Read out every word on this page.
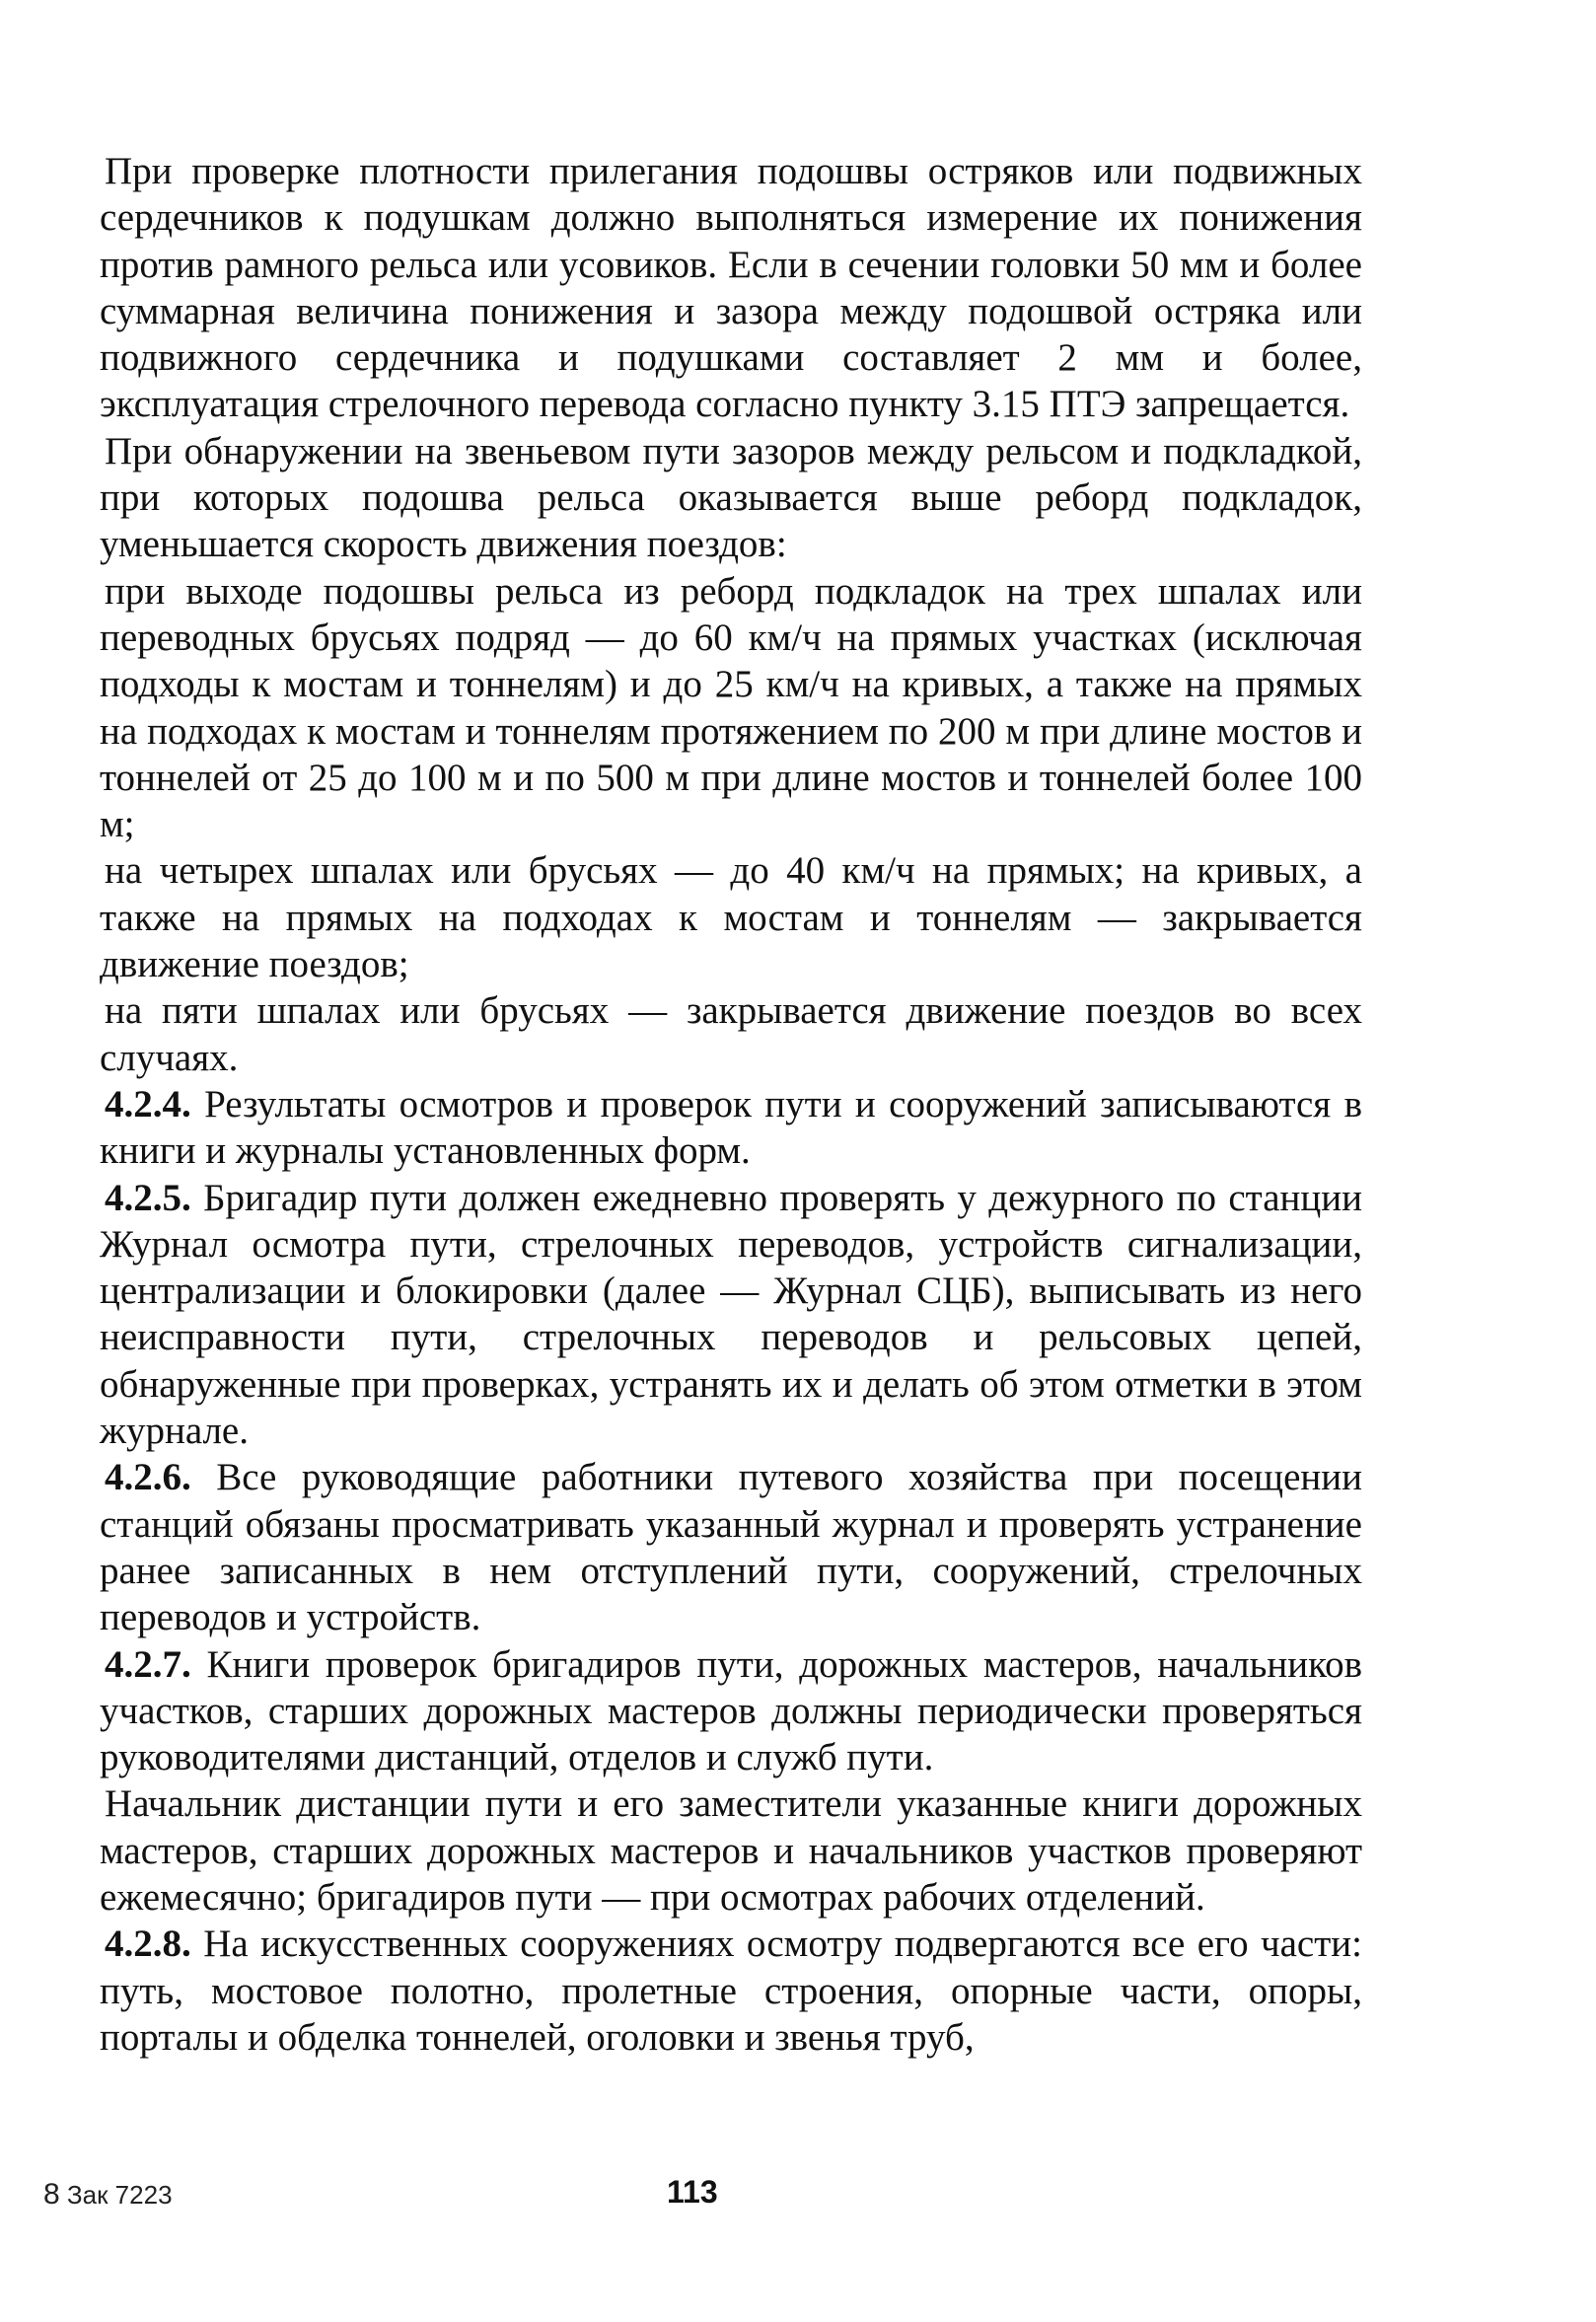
При проверке плотности прилегания подошвы остряков или подвижных сердечников к подушкам должно выполняться измерение их понижения против рамного рельса или усовиков. Если в сечении головки 50 мм и более суммарная величина понижения и зазора между подошвой остряка или подвижного сердечника и подушками составляет 2 мм и более, эксплуатация стрелочного перевода согласно пункту 3.15 ПТЭ запрещается.

При обнаружении на звеньевом пути зазоров между рельсом и подкладкой, при которых подошва рельса оказывается выше реборд подкладок, уменьшается скорость движения поездов:

при выходе подошвы рельса из реборд подкладок на трех шпалах или переводных брусьях подряд — до 60 км/ч на прямых участках (исключая подходы к мостам и тоннелям) и до 25 км/ч на кривых, а также на прямых на подходах к мостам и тоннелям протяжением по 200 м при длине мостов и тоннелей от 25 до 100 м и по 500 м при длине мостов и тоннелей более 100 м;

на четырех шпалах или брусьях — до 40 км/ч на прямых; на кривых, а также на прямых на подходах к мостам и тоннелям — закрывается движение поездов;

на пяти шпалах или брусьях — закрывается движение поездов во всех случаях.

4.2.4. Результаты осмотров и проверок пути и сооружений записываются в книги и журналы установленных форм.

4.2.5. Бригадир пути должен ежедневно проверять у дежурного по станции Журнал осмотра пути, стрелочных переводов, устройств сигнализации, централизации и блокировки (далее — Журнал СЦБ), выписывать из него неисправности пути, стрелочных переводов и рельсовых цепей, обнаруженные при проверках, устранять их и делать об этом отметки в этом журнале.

4.2.6. Все руководящие работники путевого хозяйства при посещении станций обязаны просматривать указанный журнал и проверять устранение ранее записанных в нем отступлений пути, сооружений, стрелочных переводов и устройств.

4.2.7. Книги проверок бригадиров пути, дорожных мастеров, начальников участков, старших дорожных мастеров должны периодически проверяться руководителями дистанций, отделов и служб пути.

Начальник дистанции пути и его заместители указанные книги дорожных мастеров, старших дорожных мастеров и начальников участков проверяют ежемесячно; бригадиров пути — при осмотрах рабочих отделений.

4.2.8. На искусственных сооружениях осмотру подвергаются все его части: путь, мостовое полотно, пролетные строения, опорные части, опоры, порталы и обделка тоннелей, оголовки и звенья труб,

8 Зак 7223	113
